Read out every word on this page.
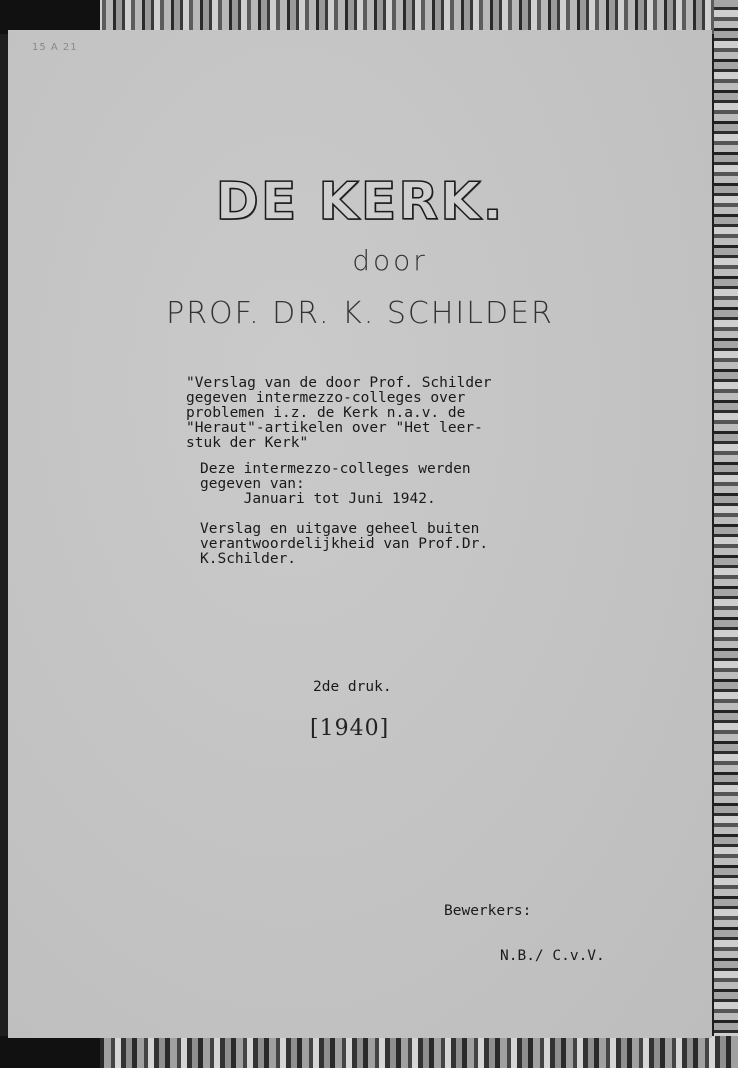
15 A 21
DE KERK.
door
PROF. DR. K. SCHILDER
"Verslag van de door Prof. Schilder
gegeven intermezzo-colleges over
problemen i.z. de Kerk n.a.v. de
"Heraut"-artikelen over "Het leer-
stuk der Kerk"
Deze intermezzo-colleges werden
gegeven van:
Januari tot Juni 1942.
Verslag en uitgave geheel buiten
verantwoordelijkheid van Prof.Dr.
K.Schilder.
2de druk.
[1940]

Bewerkers:

N.B./ C.v.V.
